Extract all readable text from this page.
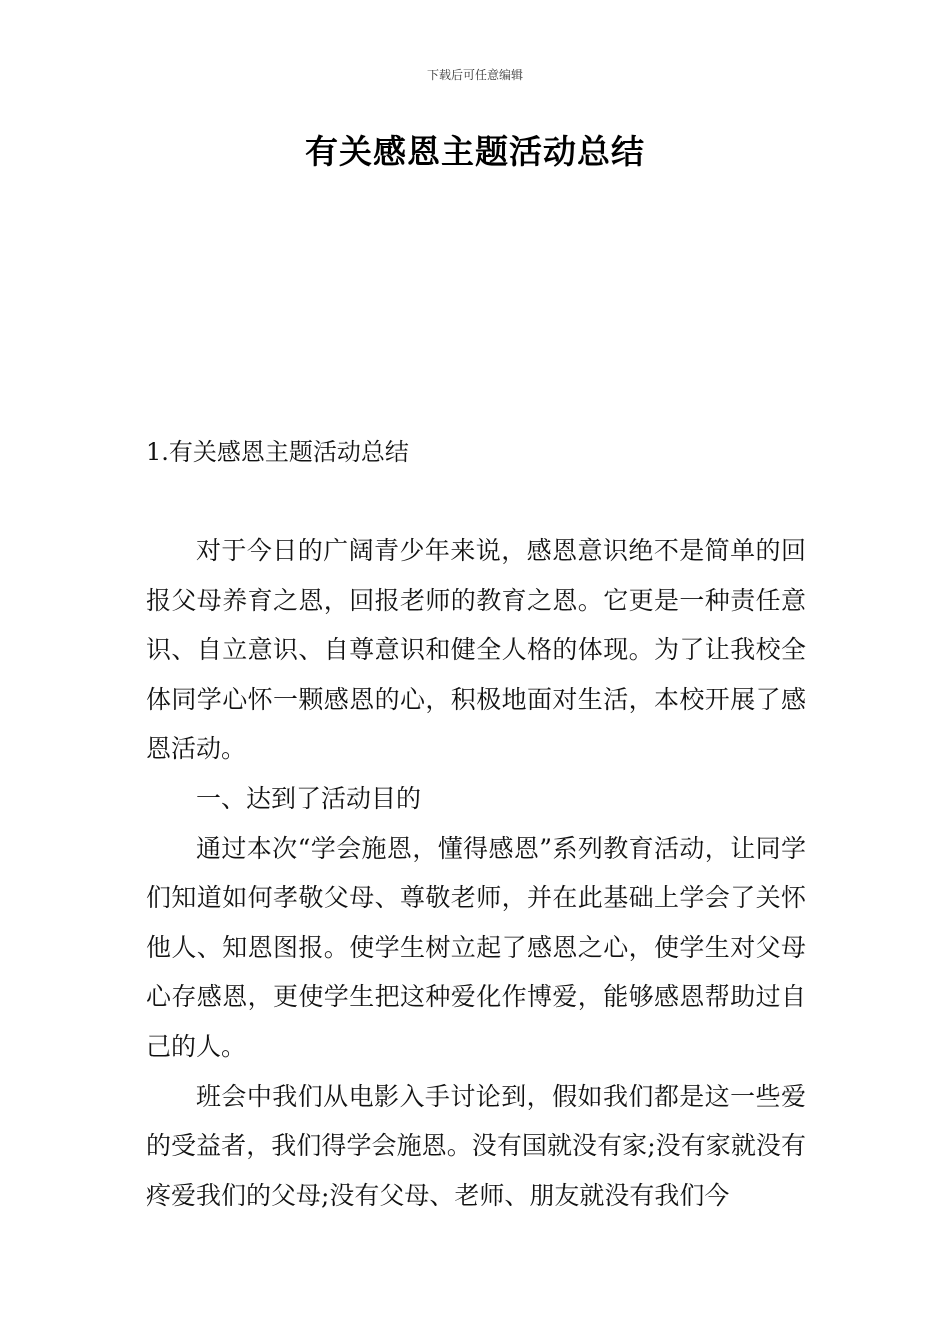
下载后可任意编辑
有关感恩主题活动总结
1.有关感恩主题活动总结

对于今日的广阔青少年来说，感恩意识绝不是简单的回报父母养育之恩，回报老师的教育之恩。它更是一种责任意识、自立意识、自尊意识和健全人格的体现。为了让我校全体同学心怀一颗感恩的心，积极地面对生活，本校开展了感恩活动。

一、达到了活动目的

通过本次“学会施恩，懂得感恩”系列教育活动，让同学们知道如何孝敬父母、尊敬老师，并在此基础上学会了关怀他人、知恩图报。使学生树立起了感恩之心，使学生对父母心存感恩，更使学生把这种爱化作博爱，能够感恩帮助过自己的人。

班会中我们从电影入手讨论到，假如我们都是这一些爱的受益者，我们得学会施恩。没有国就没有家;没有家就没有疼爱我们的父母;没有父母、老师、朋友就没有我们今
